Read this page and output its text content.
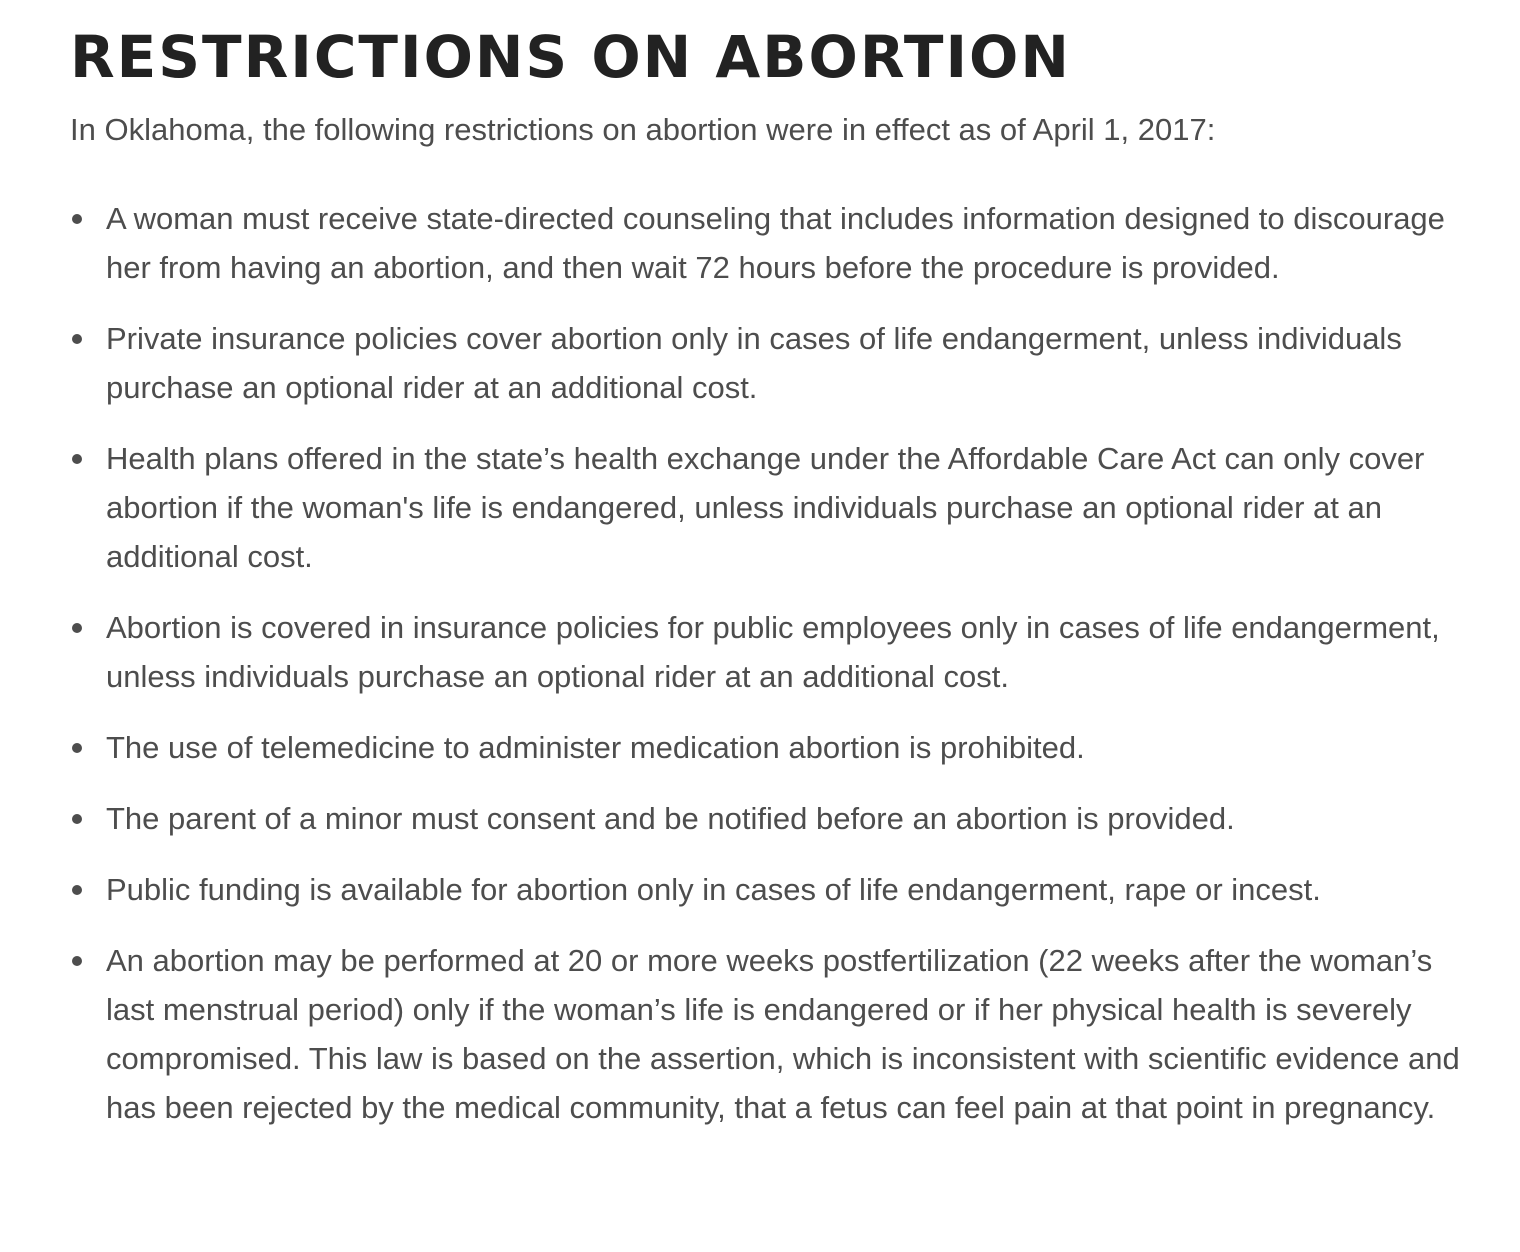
RESTRICTIONS ON ABORTION

In Oklahoma, the following restrictions on abortion were in effect as of April 1, 2017:

A woman must receive state-directed counseling that includes information designed to discourage her from having an abortion, and then wait 72 hours before the procedure is provided.
Private insurance policies cover abortion only in cases of life endangerment, unless individuals purchase an optional rider at an additional cost.
Health plans offered in the state’s health exchange under the Affordable Care Act can only cover abortion if the woman's life is endangered, unless individuals purchase an optional rider at an additional cost.
Abortion is covered in insurance policies for public employees only in cases of life endangerment, unless individuals purchase an optional rider at an additional cost.
The use of telemedicine to administer medication abortion is prohibited.
The parent of a minor must consent and be notified before an abortion is provided.
Public funding is available for abortion only in cases of life endangerment, rape or incest.
An abortion may be performed at 20 or more weeks postfertilization (22 weeks after the woman’s last menstrual period) only if the woman’s life is endangered or if her physical health is severely compromised. This law is based on the assertion, which is inconsistent with scientific evidence and has been rejected by the medical community, that a fetus can feel pain at that point in pregnancy.
